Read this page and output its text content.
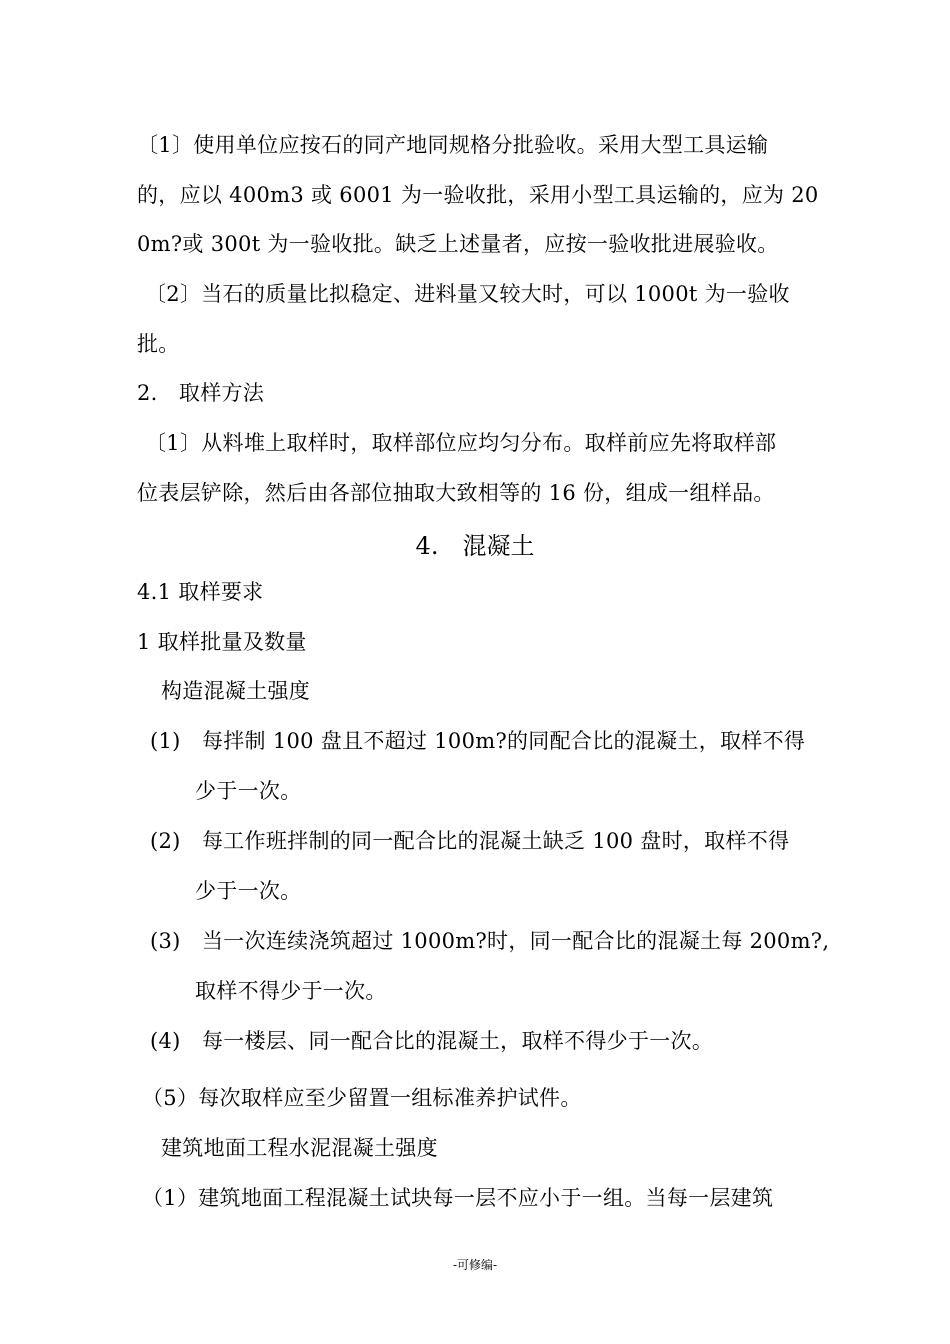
〔1〕使用单位应按石的同产地同规格分批验收。采用大型工具运输
的，应以 400m3 或 6001 为一验收批，采用小型工具运输的，应为 20
0m?或 300t 为一验收批。缺乏上述量者，应按一验收批进展验收。
〔2〕当石的质量比拟稳定、进料量又较大时，可以 1000t 为一验收
批。
2.　取样方法
〔1〕从料堆上取样时，取样部位应均匀分布。取样前应先将取样部
位表层铲除，然后由各部位抽取大致相等的 16 份，组成一组样品。
4.　混凝土
4.1 取样要求
1 取样批量及数量
构造混凝土强度
(1)　每拌制 100 盘且不超过 100m?的同配合比的混凝土，取样不得
少于一次。
(2)　每工作班拌制的同一配合比的混凝土缺乏 100 盘时，取样不得
少于一次。
(3)　当一次连续浇筑超过 1000m?时，同一配合比的混凝土每 200m?,
取样不得少于一次。
(4)　每一楼层、同一配合比的混凝土，取样不得少于一次。
（5）每次取样应至少留置一组标准养护试件。
建筑地面工程水泥混凝土强度
（1）建筑地面工程混凝土试块每一层不应小于一组。当每一层建筑
-可修编-
